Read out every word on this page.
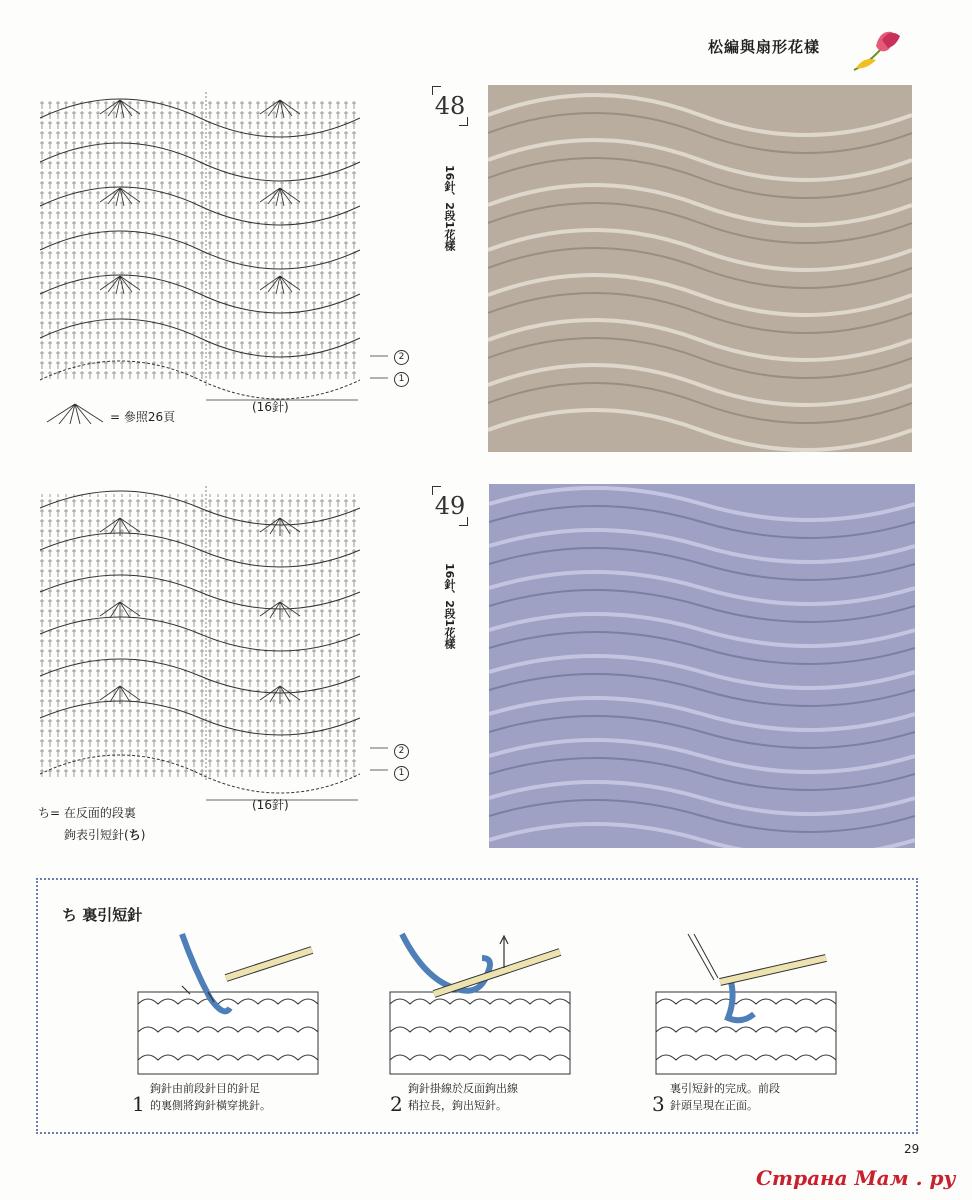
松編與扇形花樣
(16針)
2
1
= 參照26頁
48
16針、2段1花樣
(16針)
2
1
ち= 在反面的段裏
鉤表引短針(ち)
49
16針、2段1花樣
ち 裏引短針
1
鉤針由前段針目的針足
的裏側將鉤針橫穿挑針。	2
鉤針掛線於反面鉤出線
稍拉長，鉤出短針。	3
裏引短針的完成。前段
針頭呈現在正面。
29
Страна Мам . ру
